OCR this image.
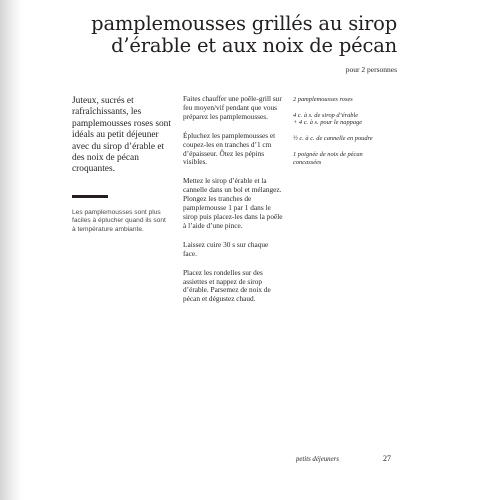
pamplemousses grillés au sirop
d’érable et aux noix de pécan
pour 2 personnes

Juteux, sucrés et rafraîchissants, les pamplemousses roses sont idéals au petit déjeuner avec du sirop d’érable et des noix de pécan croquantes.

Les pamplemousses sont plus faciles à éplucher quand ils sont à température ambiante.

Faites chauffer une poêle-grill sur feu moyen/vif pendant que vous préparez les pamplemousses.

Épluchez les pamplemousses et coupez-les en tranches d’1 cm d’épaisseur. Ôtez les pépins visibles.

Mettez le sirop d’érable et la cannelle dans un bol et mélangez. Plongez les tranches de pamplemousse 1 par 1 dans le sirop puis placez-les dans la poêle à l’aide d’une pince.

Laissez cuire 30 s sur chaque face.

Placez les rondelles sur des assiettes et nappez de sirop d’érable. Parsemez de noix de pécan et dégustez chaud.

2 pamplemousses roses
4 c. à s. de sirop d’érable
+ 4 c. à s. pour le nappage
½ c. à c. de cannelle en poudre
1 poignée de noix de pécan
concassées
petits déjeuners	27
